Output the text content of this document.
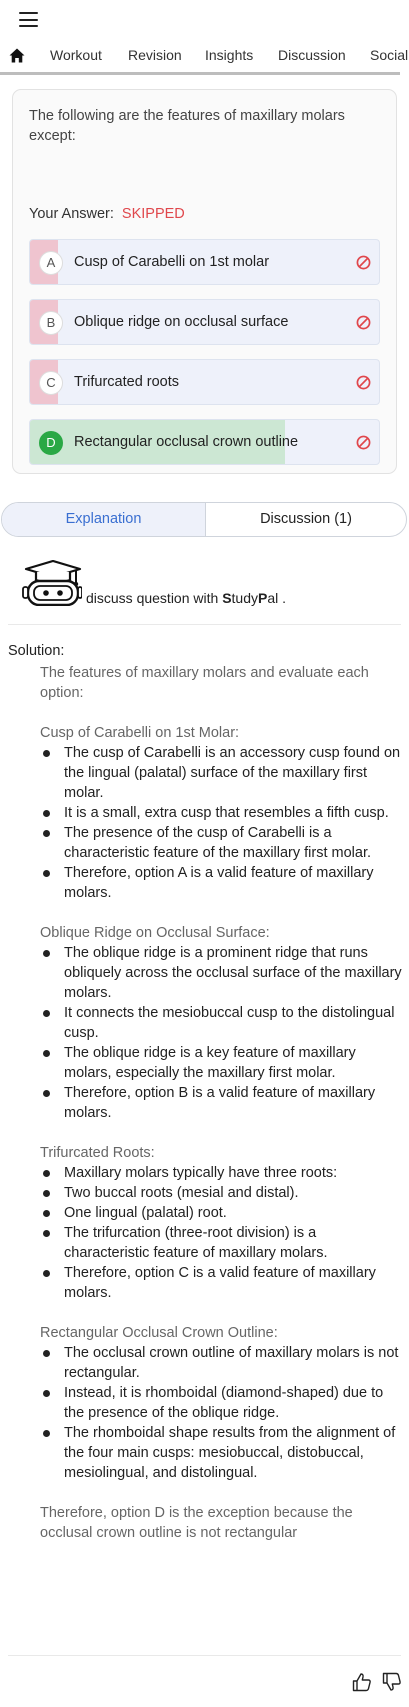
Workout Revision Insights Discussion Social
The following are the features of maxillary molars except:
Your Answer: SKIPPED
A	Cusp of Carabelli on 1st molar
B	Oblique ridge on occlusal surface
C	Trifurcated roots
D	Rectangular occlusal crown outline
Explanation	Discussion (1)
discuss question with StudyPal .
Solution:
The features of maxillary molars and evaluate each option:
Cusp of Carabelli on 1st Molar:
The cusp of Carabelli is an accessory cusp found on the lingual (palatal) surface of the maxillary first molar.
It is a small, extra cusp that resembles a fifth cusp.
The presence of the cusp of Carabelli is a characteristic feature of the maxillary first molar.
Therefore, option A is a valid feature of maxillary molars.
Oblique Ridge on Occlusal Surface:
The oblique ridge is a prominent ridge that runs obliquely across the occlusal surface of the maxillary molars.
It connects the mesiobuccal cusp to the distolingual cusp.
The oblique ridge is a key feature of maxillary molars, especially the maxillary first molar.
Therefore, option B is a valid feature of maxillary molars.
Trifurcated Roots:
Maxillary molars typically have three roots:
Two buccal roots (mesial and distal).
One lingual (palatal) root.
The trifurcation (three-root division) is a characteristic feature of maxillary molars.
Therefore, option C is a valid feature of maxillary molars.
Rectangular Occlusal Crown Outline:
The occlusal crown outline of maxillary molars is not rectangular.
Instead, it is rhomboidal (diamond-shaped) due to the presence of the oblique ridge.
The rhomboidal shape results from the alignment of the four main cusps: mesiobuccal, distobuccal, mesiolingual, and distolingual.
Therefore, option D is the exception because the occlusal crown outline is not rectangular
